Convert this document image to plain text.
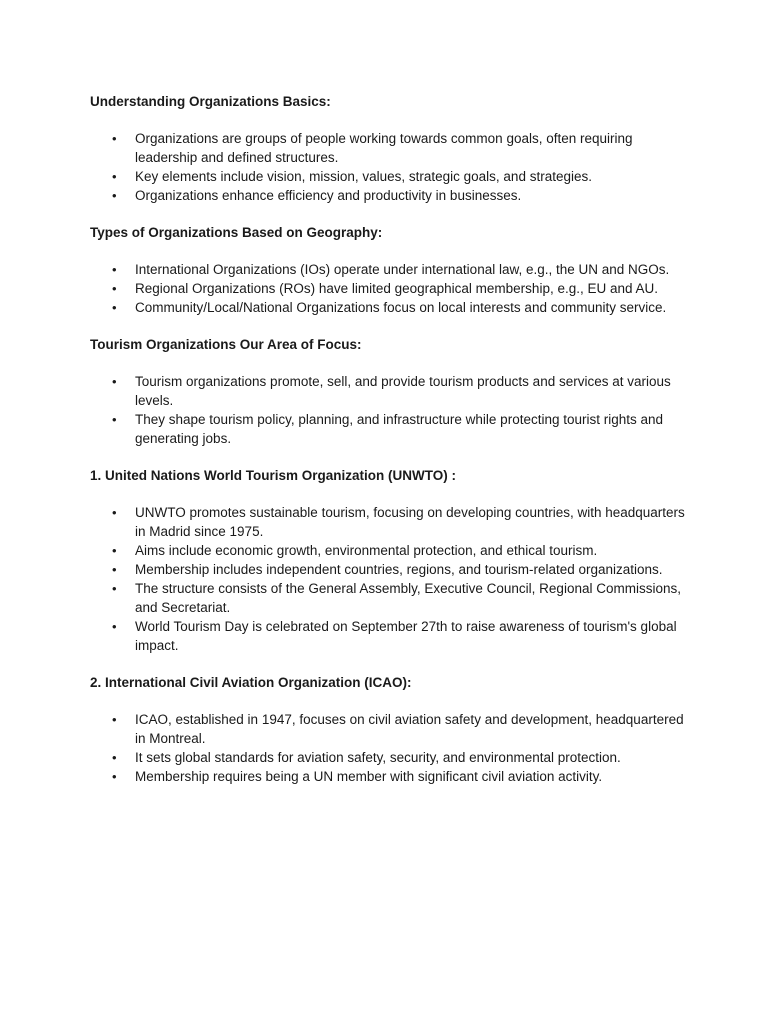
Understanding Organizations Basics:
• Organizations are groups of people working towards common goals, often requiring leadership and defined structures.
• Key elements include vision, mission, values, strategic goals, and strategies.
• Organizations enhance efficiency and productivity in businesses.
Types of Organizations Based on Geography:
• International Organizations (IOs) operate under international law, e.g., the UN and NGOs.
• Regional Organizations (ROs) have limited geographical membership, e.g., EU and AU.
• Community/Local/National Organizations focus on local interests and community service.
Tourism Organizations Our Area of Focus:
• Tourism organizations promote, sell, and provide tourism products and services at various levels.
• They shape tourism policy, planning, and infrastructure while protecting tourist rights and generating jobs.
1. United Nations World Tourism Organization (UNWTO) :
• UNWTO promotes sustainable tourism, focusing on developing countries, with headquarters in Madrid since 1975.
• Aims include economic growth, environmental protection, and ethical tourism.
• Membership includes independent countries, regions, and tourism-related organizations.
• The structure consists of the General Assembly, Executive Council, Regional Commissions, and Secretariat.
• World Tourism Day is celebrated on September 27th to raise awareness of tourism's global impact.
2. International Civil Aviation Organization (ICAO):
• ICAO, established in 1947, focuses on civil aviation safety and development, headquartered in Montreal.
• It sets global standards for aviation safety, security, and environmental protection.
• Membership requires being a UN member with significant civil aviation activity.
